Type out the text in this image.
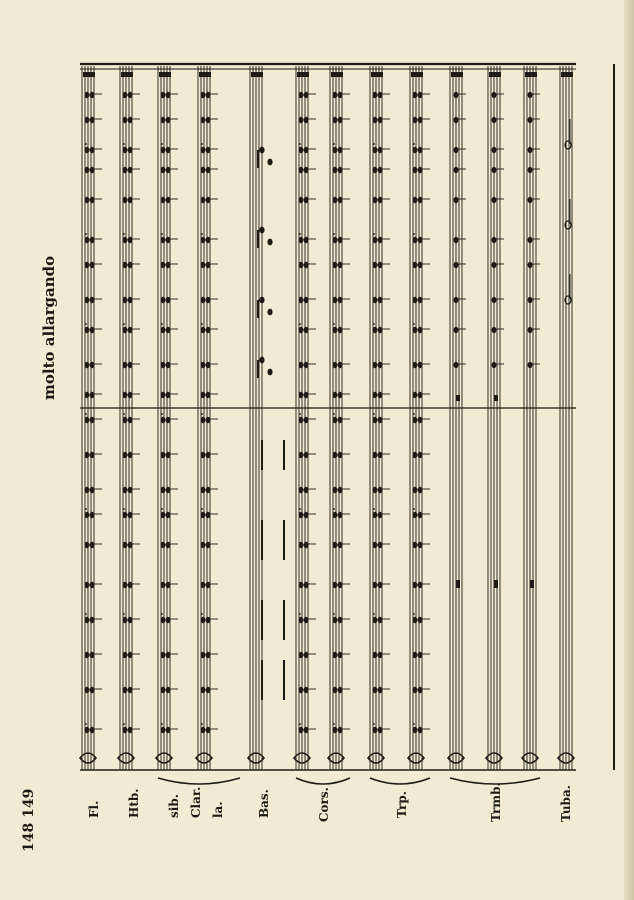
148 149
molto allargando
Fl. Htb. sib. Clar. la.	Bas.	Cors.	Trp.	Trmb.	Tuba.
